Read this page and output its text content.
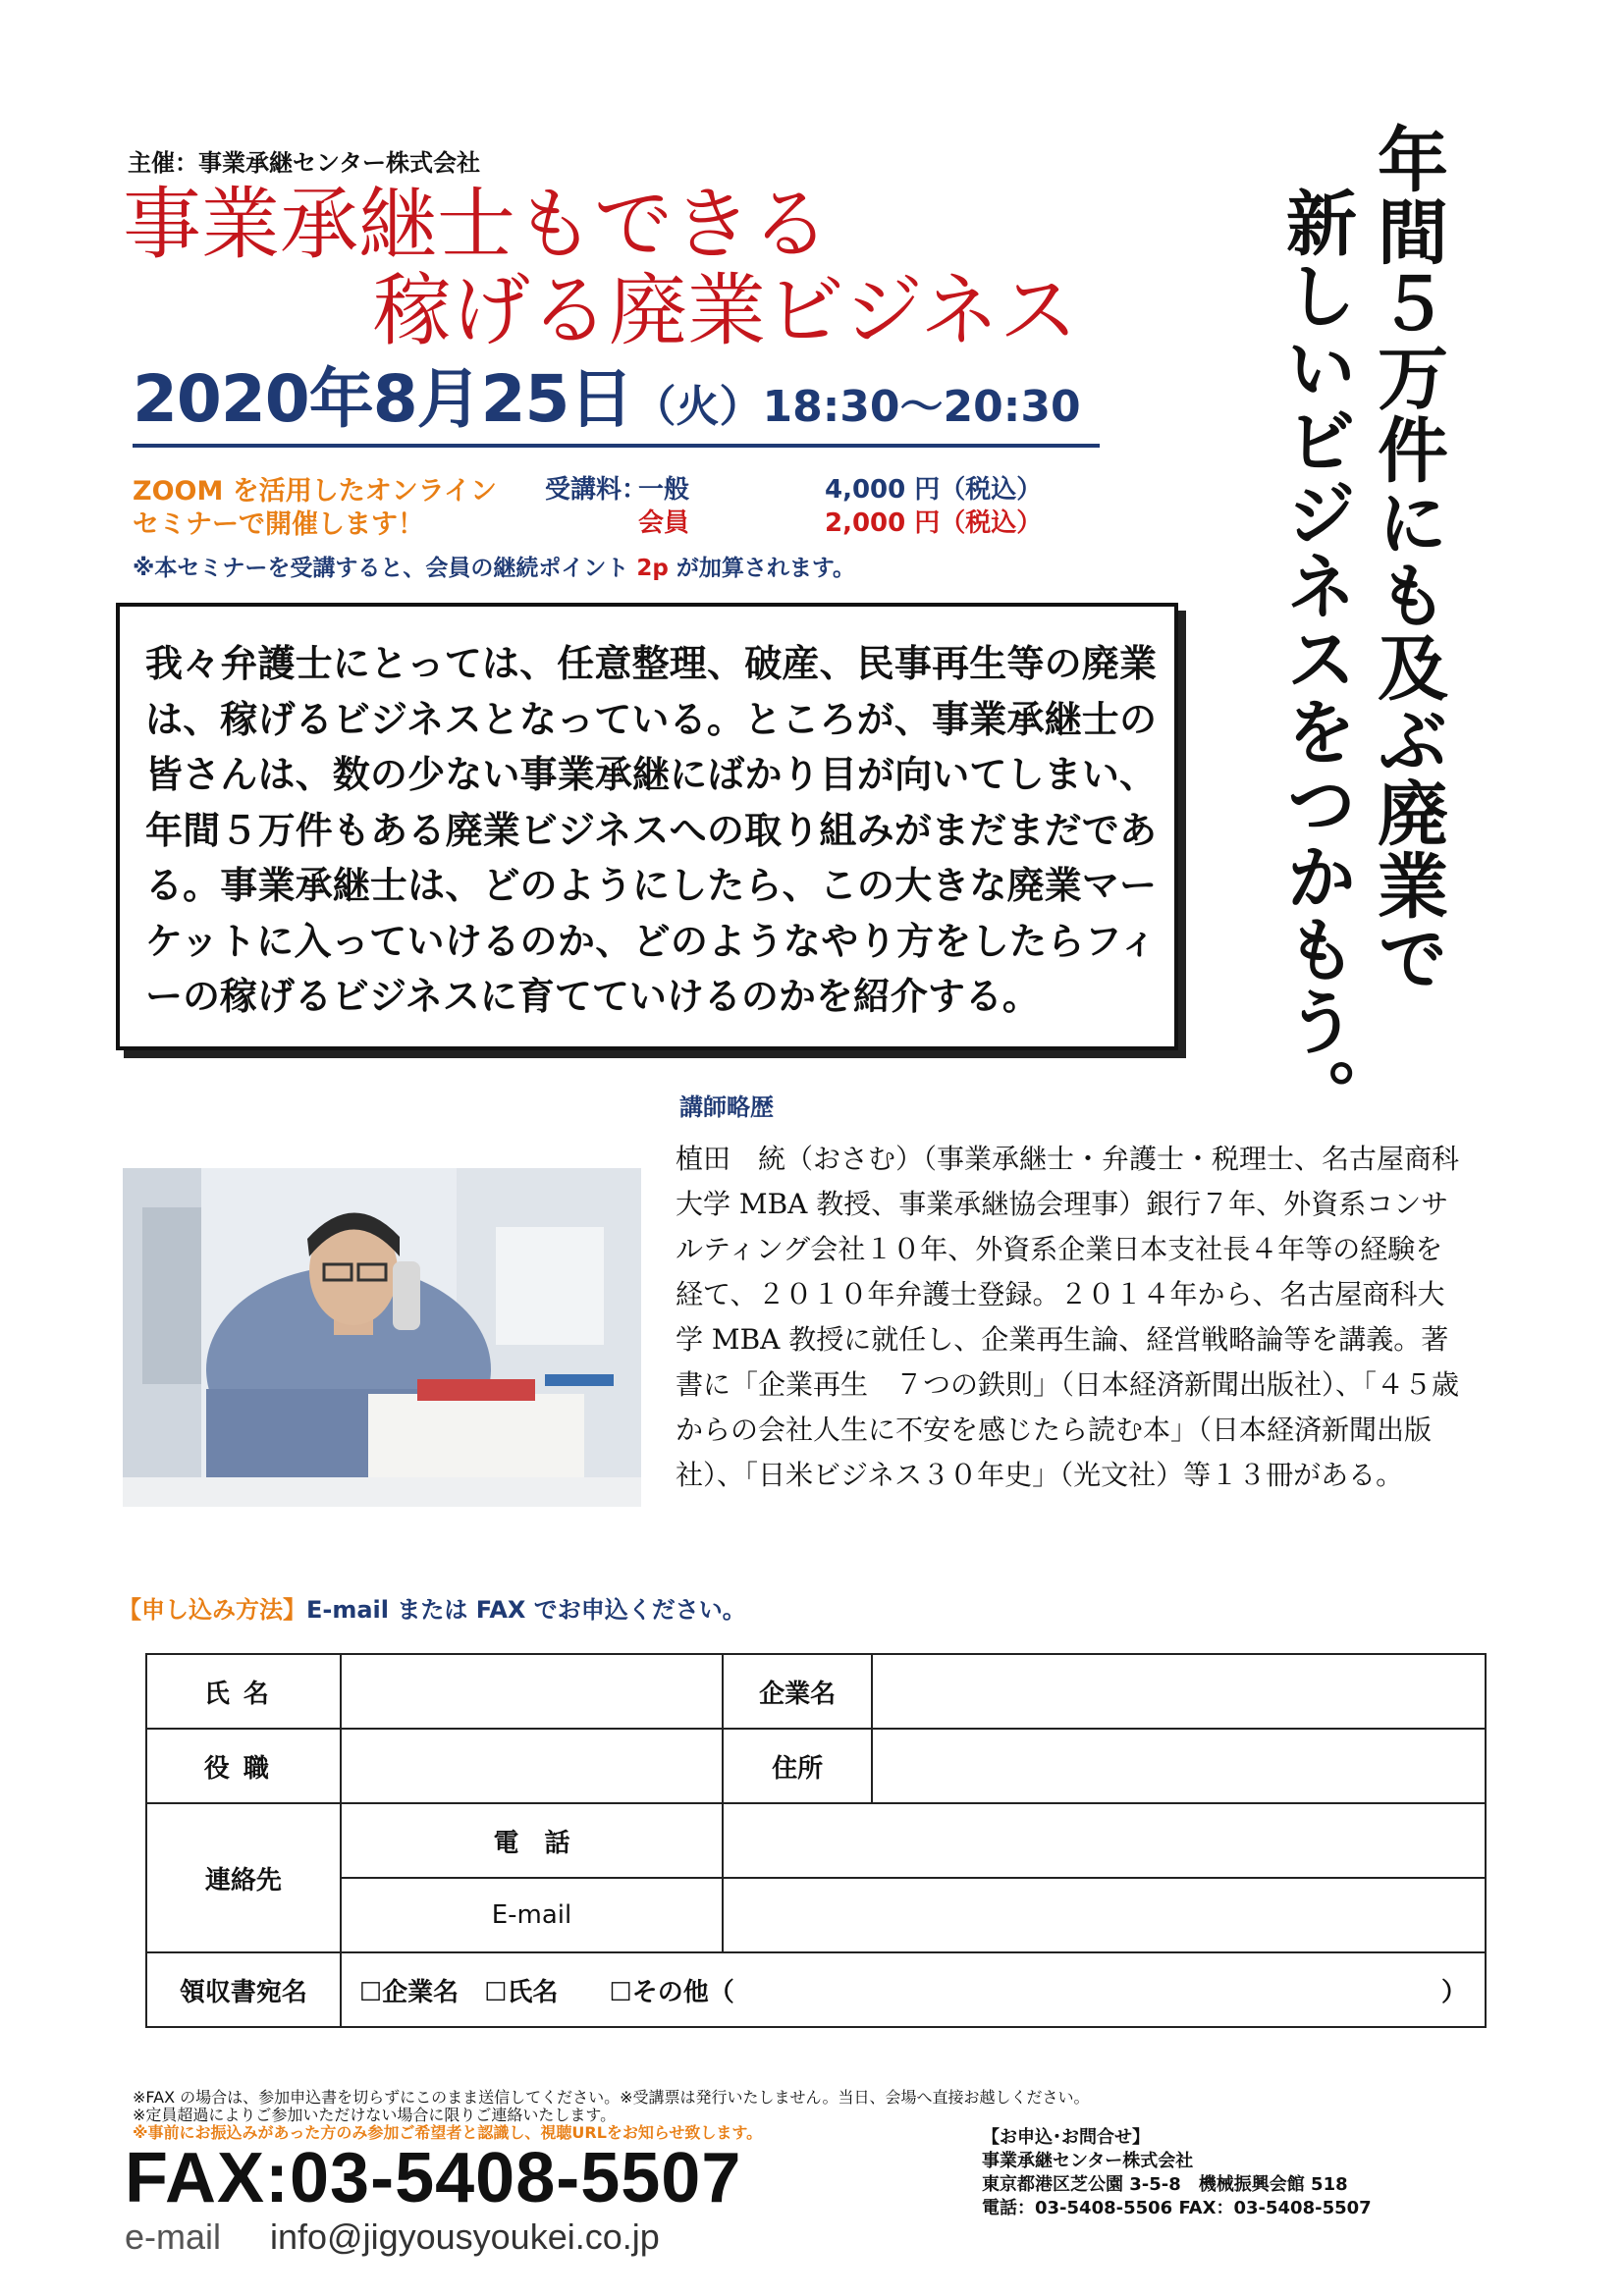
主催：事業承継センター株式会社
事業承継士もできる
稼げる廃業ビジネス
2020年8月25日（火）18:30～20:30
ZOOM を活用したオンライン
セミナーで開催します！
受講料：
一般	4,000 円（税込）
会員	2,000 円（税込）
※本セミナーを受講すると、会員の継続ポイント 2p が加算されます。
我々弁護士にとっては、任意整理、破産、民事再生等の廃業は、稼げるビジネスとなっている。ところが、事業承継士の皆さんは、数の少ない事業承継にばかり目が向いてしまい、年間５万件もある廃業ビジネスへの取り組みがまだまだである。事業承継士は、どのようにしたら、この大きな廃業マーケットに入っていけるのか、どのようなやり方をしたらフィーの稼げるビジネスに育てていけるのかを紹介する。
年間５万件にも及ぶ廃業で
新しいビジネスをつかもう。
講師略歴
植田　統（おさむ）（事業承継士・弁護士・税理士、名古屋商科大学 MBA 教授、事業承継協会理事）銀行７年、外資系コンサルティング会社１０年、外資系企業日本支社長４年等の経験を経て、２０１０年弁護士登録。２０１４年から、名古屋商科大学 MBA 教授に就任し、企業再生論、経営戦略論等を講義。著書に「企業再生　７つの鉄則」（日本経済新聞出版社）、「４５歳からの会社人生に不安を感じたら読む本」（日本経済新聞出版社）、「日米ビジネス３０年史」（光文社）等１３冊がある。
【申し込み方法】E-mail または FAX でお申込ください。
氏名		企業名	
役職		住所	
連絡先	電　話		
	E-mail		
領収書宛名	☐企業名　☐氏名　　☐その他（ ）		
※FAX の場合は、参加申込書を切らずにこのまま送信してください。※受講票は発行いたしません。当日、会場へ直接お越しください。
※定員超過によりご参加いただけない場合に限りご連絡いたします。
※事前にお振込みがあった方のみ参加ご希望者と認識し、視聴URLをお知らせ致します。
FAX:03-5408-5507
e-mail info@jigyousyoukei.co.jp
【お申込･お問合せ】
事業承継センター株式会社
東京都港区芝公園 3-5-8　機械振興会館 518
電話：03-5408-5506 FAX：03-5408-5507
